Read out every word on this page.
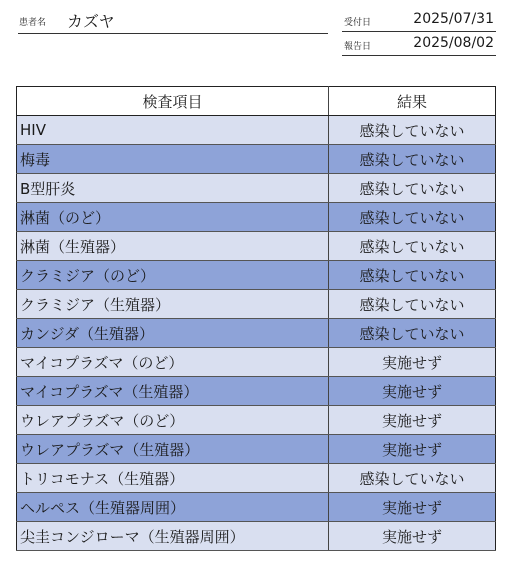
患者名 カズヤ	受付日	2025/07/31
報告日	2025/08/02
検査項目	結果
HIV	感染していない
梅毒	感染していない
B型肝炎	感染していない
淋菌（のど）	感染していない
淋菌（生殖器）	感染していない
クラミジア（のど）	感染していない
クラミジア（生殖器）	感染していない
カンジダ（生殖器）	感染していない
マイコプラズマ（のど）	実施せず
マイコプラズマ（生殖器）	実施せず
ウレアプラズマ（のど）	実施せず
ウレアプラズマ（生殖器）	実施せず
トリコモナス（生殖器）	感染していない
ヘルペス（生殖器周囲）	実施せず
尖圭コンジローマ（生殖器周囲）	実施せず
